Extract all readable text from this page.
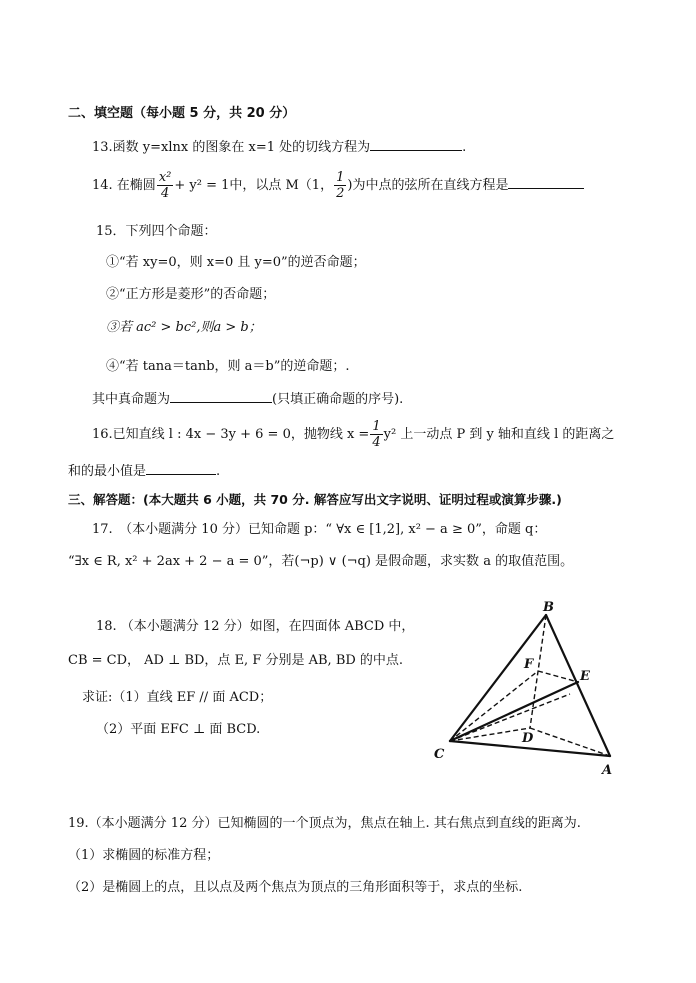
二、填空题（每小题 5 分，共 20 分）
13.函数 y=xlnx 的图象在 x=1 处的切线方程为	.
14. 在椭圆 $\frac{\text{x²}}{4} + y^2 = 1$中，以点 M（1， $\frac{1}{2}$ )为中点的弦所在直线方程是
15．下列四个命题：
①“若 xy=0，则 x=0 且 y=0”的逆否命题；
②“正方形是菱形”的否命题；
③若 ac² > bc²,则a > b；
④“若 tana＝tanb，则 a＝b”的逆命题；.
其中真命题为	(只填正确命题的序号).
16.已知直线 l : 4x − 3y + 6 = 0，抛物线 $x = \frac{1}{4} y^2$ 上一动点 P 到 y 轴和直线 l 的距离之
和的最小值是	.
三、解答题：(本大题共 6 小题，共 70 分. 解答应写出文字说明、证明过程或演算步骤.)
17.　（本小题满分 10 分）已知命题 p：“ ∀x ∈ [1,2], x² − a ≥ 0”，命题 q：
“∃x ∈ R, x² + 2ax + 2 − a = 0”，若(¬p) ∨ (¬q) 是假命题，求实数 a 的取值范围。
18. （本小题满分 12 分）如图，在四面体 ABCD 中，
CB = CD， AD ⊥ BD，点 E, F 分别是 AB, BD 的中点.
求证:（1）直线 EF // 面 ACD；
（2）平面 EFC ⊥ 面 BCD.
B
F
E
D
C
A
19.（本小题满分 12 分）已知椭圆的一个顶点为，焦点在轴上. 其右焦点到直线的距离为.
（1）求椭圆的标准方程；
（2）是椭圆上的点，且以点及两个焦点为顶点的三角形面积等于，求点的坐标.
